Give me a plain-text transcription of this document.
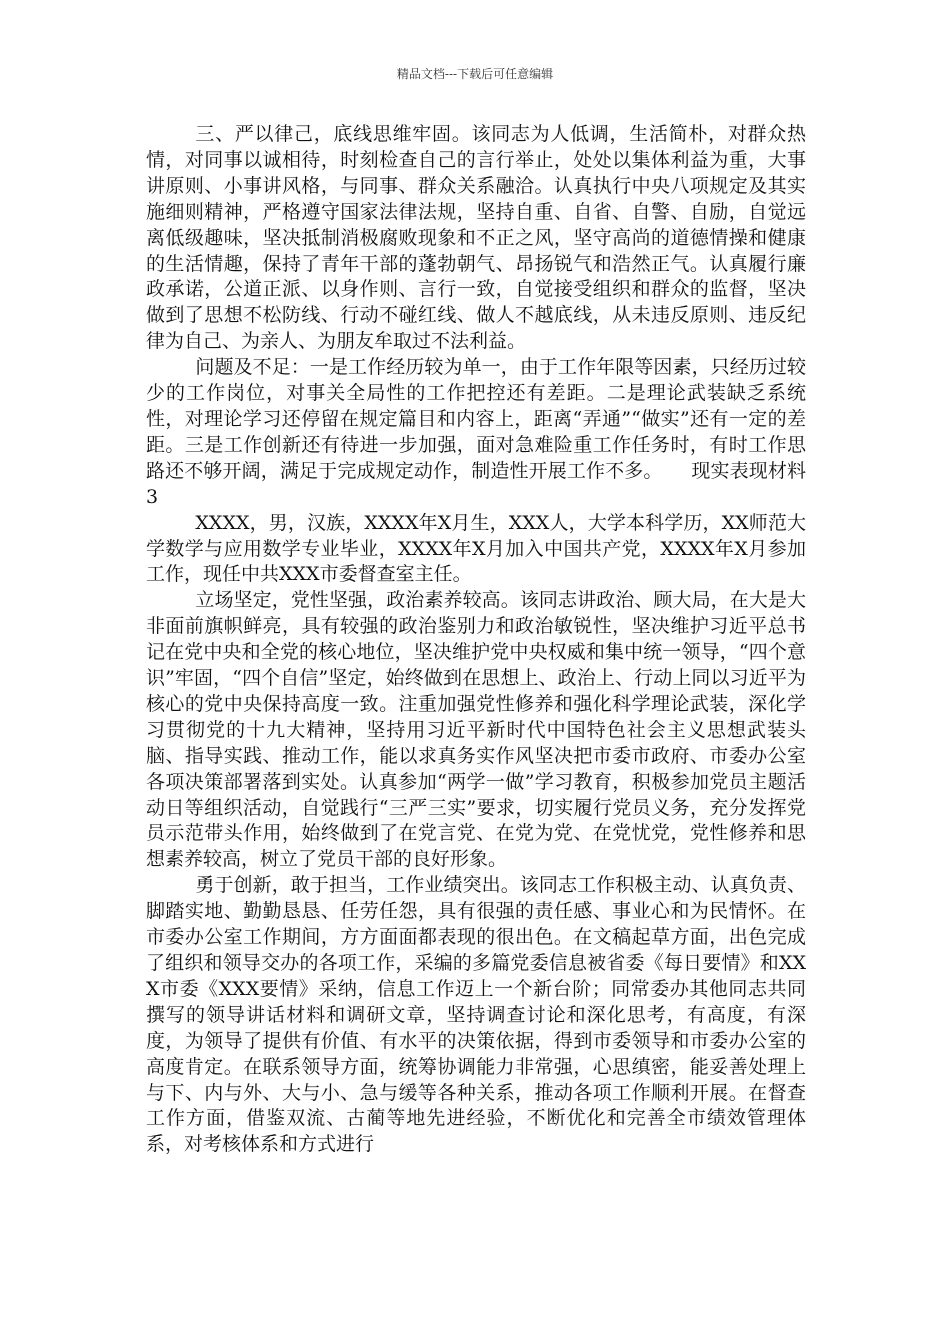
精品文档---下载后可任意编辑

三、严以律己，底线思维牢固。该同志为人低调，生活简朴，对群众热情，对同事以诚相待，时刻检查自己的言行举止，处处以集体利益为重，大事讲原则、小事讲风格，与同事、群众关系融洽。认真执行中央八项规定及其实施细则精神，严格遵守国家法律法规，坚持自重、自省、自警、自励，自觉远离低级趣味，坚决抵制消极腐败现象和不正之风，坚守高尚的道德情操和健康的生活情趣，保持了青年干部的蓬勃朝气、昂扬锐气和浩然正气。认真履行廉政承诺，公道正派、以身作则、言行一致，自觉接受组织和群众的监督，坚决做到了思想不松防线、行动不碰红线、做人不越底线，从未违反原则、违反纪律为自己、为亲人、为朋友牟取过不法利益。

问题及不足：一是工作经历较为单一，由于工作年限等因素，只经历过较少的工作岗位，对事关全局性的工作把控还有差距。二是理论武装缺乏系统性，对理论学习还停留在规定篇目和内容上，距离“弄通”“做实”还有一定的差距。三是工作创新还有待进一步加强，面对急难险重工作任务时，有时工作思路还不够开阔，满足于完成规定动作，制造性开展工作不多。　　现实表现材料3

XXXX，男，汉族，XXXX年X月生，XXX人，大学本科学历，XX师范大学数学与应用数学专业毕业，XXXX年X月加入中国共产党，XXXX年X月参加工作，现任中共XXX市委督查室主任。

立场坚定，党性坚强，政治素养较高。该同志讲政治、顾大局，在大是大非面前旗帜鲜亮，具有较强的政治鉴别力和政治敏锐性，坚决维护习近平总书记在党中央和全党的核心地位，坚决维护党中央权威和集中统一领导，“四个意识”牢固，“四个自信”坚定，始终做到在思想上、政治上、行动上同以习近平为核心的党中央保持高度一致。注重加强党性修养和强化科学理论武装，深化学习贯彻党的十九大精神，坚持用习近平新时代中国特色社会主义思想武装头脑、指导实践、推动工作，能以求真务实作风坚决把市委市政府、市委办公室各项决策部署落到实处。认真参加“两学一做”学习教育，积极参加党员主题活动日等组织活动，自觉践行“三严三实”要求，切实履行党员义务，充分发挥党员示范带头作用，始终做到了在党言党、在党为党、在党忧党，党性修养和思想素养较高，树立了党员干部的良好形象。

勇于创新，敢于担当，工作业绩突出。该同志工作积极主动、认真负责、脚踏实地、勤勤恳恳、任劳任怨，具有很强的责任感、事业心和为民情怀。在市委办公室工作期间，方方面面都表现的很出色。在文稿起草方面，出色完成了组织和领导交办的各项工作，采编的多篇党委信息被省委《每日要情》和XXX市委《XXX要情》采纳，信息工作迈上一个新台阶；同常委办其他同志共同撰写的领导讲话材料和调研文章，坚持调查讨论和深化思考，有高度，有深度，为领导了提供有价值、有水平的决策依据，得到市委领导和市委办公室的高度肯定。在联系领导方面，统筹协调能力非常强，心思缜密，能妥善处理上与下、内与外、大与小、急与缓等各种关系，推动各项工作顺利开展。在督查工作方面，借鉴双流、古蔺等地先进经验，不断优化和完善全市绩效管理体系，对考核体系和方式进行
